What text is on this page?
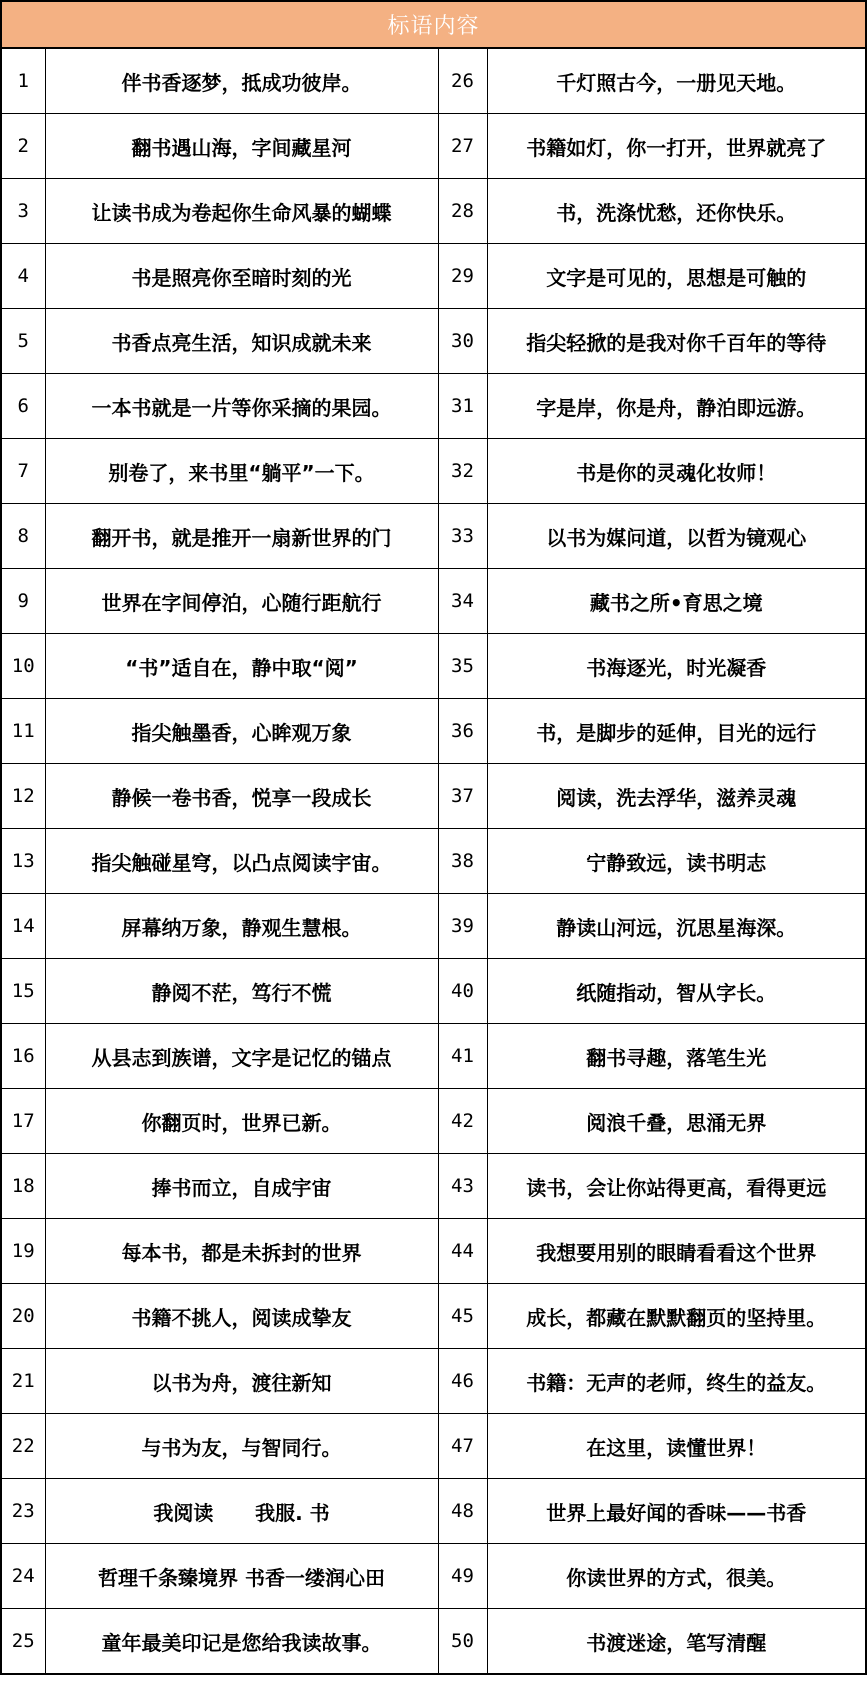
标语内容			
1	伴书香逐梦，抵成功彼岸。	26	千灯照古今，一册见天地。
2	翻书遇山海，字间藏星河	27	书籍如灯，你一打开，世界就亮了
3	让读书成为卷起你生命风暴的蝴蝶	28	书，洗涤忧愁，还你快乐。
4	书是照亮你至暗时刻的光	29	文字是可见的，思想是可触的
5	书香点亮生活，知识成就未来	30	指尖轻掀的是我对你千百年的等待
6	一本书就是一片等你采摘的果园。	31	字是岸，你是舟，静泊即远游。
7	别卷了，来书里“躺平”一下。	32	书是你的灵魂化妆师！
8	翻开书，就是推开一扇新世界的门	33	以书为媒问道，以哲为镜观心
9	世界在字间停泊，心随行距航行	34	藏书之所•育思之境
10	“书”适自在，静中取“阅”	35	书海逐光，时光凝香
11	指尖触墨香，心眸观万象	36	书，是脚步的延伸，目光的远行
12	静候一卷书香，悦享一段成长	37	阅读，洗去浮华，滋养灵魂
13	指尖触碰星穹，以凸点阅读宇宙。	38	宁静致远，读书明志
14	屏幕纳万象，静观生慧根。	39	静读山河远，沉思星海深。
15	静阅不茫，笃行不慌	40	纸随指动，智从字长。
16	从县志到族谱，文字是记忆的锚点	41	翻书寻趣，落笔生光
17	你翻页时，世界已新。	42	阅浪千叠，思涌无界
18	捧书而立，自成宇宙	43	读书，会让你站得更高，看得更远
19	每本书，都是未拆封的世界	44	我想要用别的眼睛看看这个世界
20	书籍不挑人，阅读成挚友	45	成长，都藏在默默翻页的坚持里。
21	以书为舟，渡往新知	46	书籍：无声的老师，终生的益友。
22	与书为友，与智同行。	47	在这里，读懂世界！
23	我阅读      我服. 书	48	世界上最好闻的香味——书香
24	哲理千条臻境界 书香一缕润心田	49	你读世界的方式，很美。
25	童年最美印记是您给我读故事。	50	书渡迷途，笔写清醒
